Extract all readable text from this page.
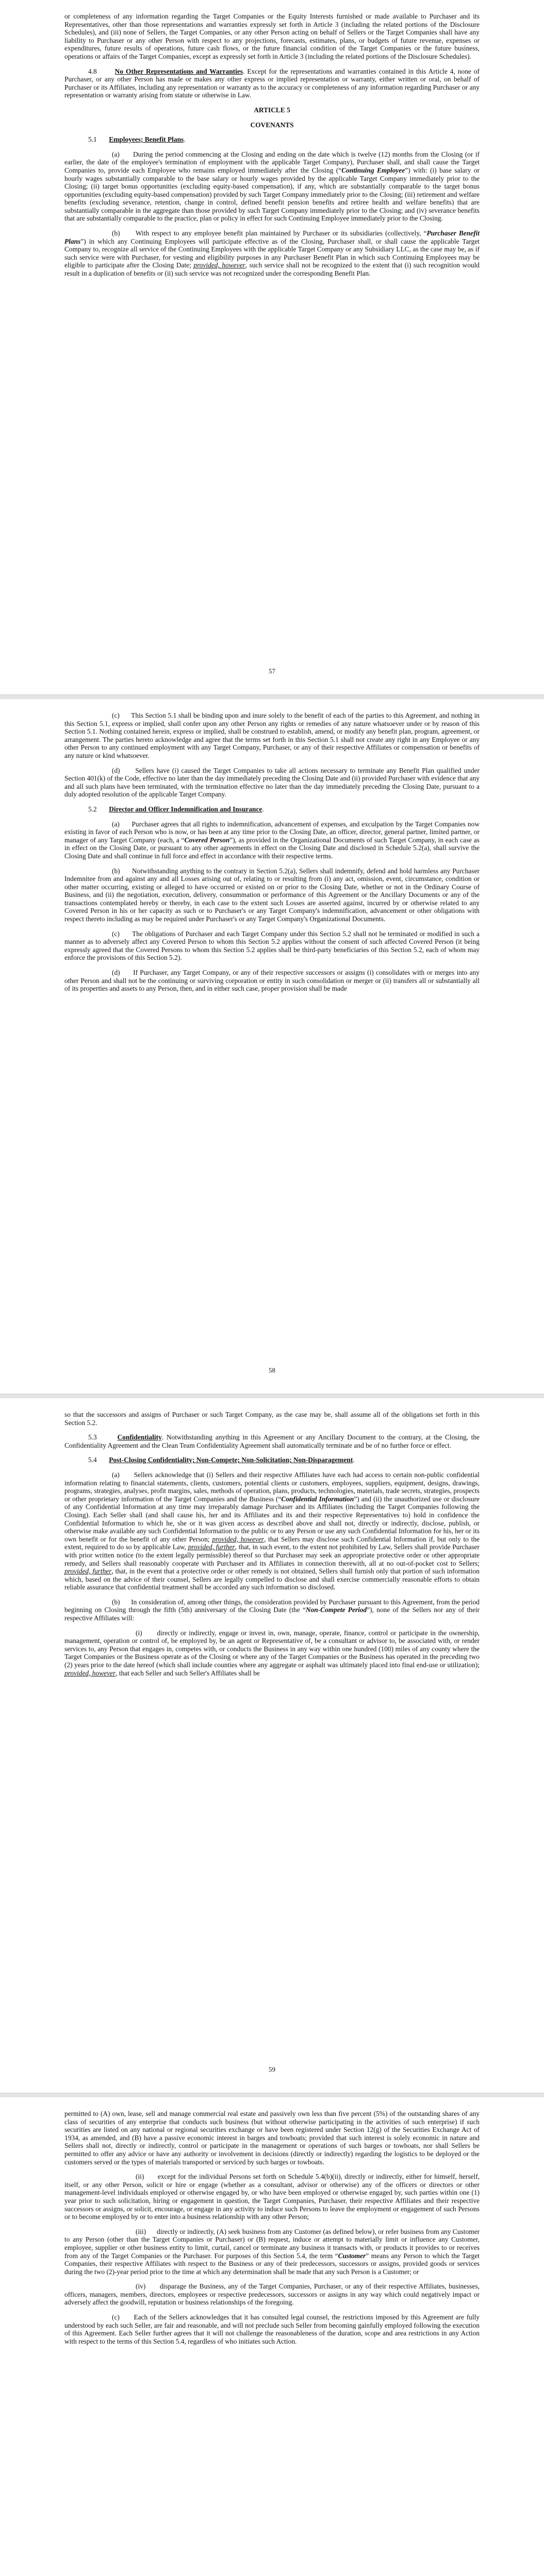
or completeness of any information regarding the Target Companies or the Equity Interests furnished or made available to Purchaser and its Representatives, other than those representations and warranties expressly set forth in Article 3 (including the related portions of the Disclosure Schedules), and (iii) none of Sellers, the Target Companies, or any other Person acting on behalf of Sellers or the Target Companies shall have any liability to Purchaser or any other Person with respect to any projections, forecasts, estimates, plans, or budgets of future revenue, expenses or expenditures, future results of operations, future cash flows, or the future financial condition of the Target Companies or the future business, operations or affairs of the Target Companies, except as expressly set forth in Article 3 (including the related portions of the Disclosure Schedules).

4.8	No Other Representations and Warranties. Except for the representations and warranties contained in this Article 4, none of Purchaser, or any other Person has made or makes any other express or implied representation or warranty, either written or oral, on behalf of Purchaser or its Affiliates, including any representation or warranty as to the accuracy or completeness of any information regarding Purchaser or any representation or warranty arising from statute or otherwise in Law.

ARTICLE 5

COVENANTS

5.1 Employees; Benefit Plans.

(a) During the period commencing at the Closing and ending on the date which is twelve (12) months from the Closing (or if earlier, the date of the employee's termination of employment with the applicable Target Company), Purchaser shall, and shall cause the Target Companies to, provide each Employee who remains employed immediately after the Closing (“Continuing Employee”) with: (i) base salary or hourly wages substantially comparable to the base salary or hourly wages provided by the applicable Target Company immediately prior to the Closing; (ii) target bonus opportunities (excluding equity-based compensation), if any, which are substantially comparable to the target bonus opportunities (excluding equity-based compensation) provided by such Target Company immediately prior to the Closing; (iii) retirement and welfare benefits (excluding severance, retention, change in control, defined benefit pension benefits and retiree health and welfare benefits) that are substantially comparable in the aggregate than those provided by such Target Company immediately prior to the Closing; and (iv) severance benefits that are substantially comparable to the practice, plan or policy in effect for such Continuing Employee immediately prior to the Closing.

(b) With respect to any employee benefit plan maintained by Purchaser or its subsidiaries (collectively, “Purchaser Benefit Plans”) in which any Continuing Employees will participate effective as of the Closing, Purchaser shall, or shall cause the applicable Target Company to, recognize all service of the Continuing Employees with the applicable Target Company or any Subsidiary LLC, as the case may be, as if such service were with Purchaser, for vesting and eligibility purposes in any Purchaser Benefit Plan in which such Continuing Employees may be eligible to participate after the Closing Date; provided, however, such service shall not be recognized to the extent that (i) such recognition would result in a duplication of benefits or (ii) such service was not recognized under the corresponding Benefit Plan.

57

(c) This Section 5.1 shall be binding upon and inure solely to the benefit of each of the parties to this Agreement, and nothing in this Section 5.1, express or implied, shall confer upon any other Person any rights or remedies of any nature whatsoever under or by reason of this Section 5.1. Nothing contained herein, express or implied, shall be construed to establish, amend, or modify any benefit plan, program, agreement, or arrangement. The parties hereto acknowledge and agree that the terms set forth in this Section 5.1 shall not create any right in any Employee or any other Person to any continued employment with any Target Company, Purchaser, or any of their respective Affiliates or compensation or benefits of any nature or kind whatsoever.

(d) Sellers have (i) caused the Target Companies to take all actions necessary to terminate any Benefit Plan qualified under Section 401(k) of the Code, effective no later than the day immediately preceding the Closing Date and (ii) provided Purchaser with evidence that any and all such plans have been terminated, with the termination effective no later than the day immediately preceding the Closing Date, pursuant to a duly adopted resolution of the applicable Target Company.

5.2 Director and Officer Indemnification and Insurance.

(a) Purchaser agrees that all rights to indemnification, advancement of expenses, and exculpation by the Target Companies now existing in favor of each Person who is now, or has been at any time prior to the Closing Date, an officer, director, general partner, limited partner, or manager of any Target Company (each, a “Covered Person”), as provided in the Organizational Documents of such Target Company, in each case as in effect on the Closing Date, or pursuant to any other agreements in effect on the Closing Date and disclosed in Schedule 5.2(a), shall survive the Closing Date and shall continue in full force and effect in accordance with their respective terms.

(b) Notwithstanding anything to the contrary in Section 5.2(a), Sellers shall indemnify, defend and hold harmless any Purchaser Indemnitee from and against any and all Losses arising out of, relating to or resulting from (i) any act, omission, event, circumstance, condition or other matter occurring, existing or alleged to have occurred or existed on or prior to the Closing Date, whether or not in the Ordinary Course of Business, and (ii) the negotiation, execution, delivery, consummation or performance of this Agreement or the Ancillary Documents or any of the transactions contemplated hereby or thereby, in each case to the extent such Losses are asserted against, incurred by or otherwise related to any Covered Person in his or her capacity as such or to Purchaser's or any Target Company's indemnification, advancement or other obligations with respect thereto including as may be required under Purchaser's or any Target Company's Organizational Documents.

(c) The obligations of Purchaser and each Target Company under this Section 5.2 shall not be terminated or modified in such a manner as to adversely affect any Covered Person to whom this Section 5.2 applies without the consent of such affected Covered Person (it being expressly agreed that the Covered Persons to whom this Section 5.2 applies shall be third-party beneficiaries of this Section 5.2, each of whom may enforce the provisions of this Section 5.2).

(d) If Purchaser, any Target Company, or any of their respective successors or assigns (i) consolidates with or merges into any other Person and shall not be the continuing or surviving corporation or entity in such consolidation or merger or (ii) transfers all or substantially all of its properties and assets to any Person, then, and in either such case, proper provision shall be made

58

so that the successors and assigns of Purchaser or such Target Company, as the case may be, shall assume all of the obligations set forth in this Section 5.2.

5.3	Confidentiality. Notwithstanding anything in this Agreement or any Ancillary Document to the contrary, at the Closing, the Confidentiality Agreement and the Clean Team Confidentiality Agreement shall automatically terminate and be of no further force or effect.

5.4 Post-Closing Confidentiality; Non-Compete; Non-Solicitation; Non-Disparagement.

(a) Sellers acknowledge that (i) Sellers and their respective Affiliates have each had access to certain non-public confidential information relating to financial statements, clients, customers, potential clients or customers, employees, suppliers, equipment, designs, drawings, programs, strategies, analyses, profit margins, sales, methods of operation, plans, products, technologies, materials, trade secrets, strategies, prospects or other proprietary information of the Target Companies and the Business (“Confidential Information”) and (ii) the unauthorized use or disclosure of any Confidential Information at any time may irreparably damage Purchaser and its Affiliates (including the Target Companies following the Closing). Each Seller shall (and shall cause his, her and its Affiliates and its and their respective Representatives to) hold in confidence the Confidential Information to which he, she or it was given access as described above and shall not, directly or indirectly, disclose, publish, or otherwise make available any such Confidential Information to the public or to any Person or use any such Confidential Information for his, her or its own benefit or for the benefit of any other Person; provided, however, that Sellers may disclose such Confidential Information if, but only to the extent, required to do so by applicable Law, provided, further, that, in such event, to the extent not prohibited by Law, Sellers shall provide Purchaser with prior written notice (to the extent legally permissible) thereof so that Purchaser may seek an appropriate protective order or other appropriate remedy, and Sellers shall reasonably cooperate with Purchaser and its Affiliates in connection therewith, all at no out-of-pocket cost to Sellers; provided, further, that, in the event that a protective order or other remedy is not obtained, Sellers shall furnish only that portion of such information which, based on the advice of their counsel, Sellers are legally compelled to disclose and shall exercise commercially reasonable efforts to obtain reliable assurance that confidential treatment shall be accorded any such information so disclosed.

(b) In consideration of, among other things, the consideration provided by Purchaser pursuant to this Agreement, from the period beginning on Closing through the fifth (5th) anniversary of the Closing Date (the “Non-Compete Period”), none of the Sellers nor any of their respective Affiliates will:

(i) directly or indirectly, engage or invest in, own, manage, operate, finance, control or participate in the ownership, management, operation or control of, be employed by, be an agent or Representative of, be a consultant or advisor to, be associated with, or render services to, any Person that engages in, competes with, or conducts the Business in any way within one hundred (100) miles of any county where the Target Companies or the Business operate as of the Closing or where any of the Target Companies or the Business has operated in the preceding two (2) years prior to the date hereof (which shall include counties where any aggregate or asphalt was ultimately placed into final end-use or utilization); provided, however, that each Seller and such Seller's Affiliates shall be

59

permitted to (A) own, lease, sell and manage commercial real estate and passively own less than five percent (5%) of the outstanding shares of any class of securities of any enterprise that conducts such business (but without otherwise participating in the activities of such enterprise) if such securities are listed on any national or regional securities exchange or have been registered under Section 12(g) of the Securities Exchange Act of 1934, as amended, and (B) have a passive economic interest in barges and towboats; provided that such interest is solely economic in nature and Sellers shall not, directly or indirectly, control or participate in the management or operations of such barges or towboats, nor shall Sellers be permitted to offer any advice or have any authority or involvement in decisions (directly or indirectly) regarding the logistics to be deployed or the customers served or the types of materials transported or serviced by such barges or towboats.

(ii) except for the individual Persons set forth on Schedule 5.4(b)(ii), directly or indirectly, either for himself, herself, itself, or any other Person, solicit or hire or engage (whether as a consultant, advisor or otherwise) any of the officers or directors or other management-level individuals employed or otherwise engaged by, or who have been employed or otherwise engaged by, such parties within one (1) year prior to such solicitation, hiring or engagement in question, the Target Companies, Purchaser, their respective Affiliates and their respective successors or assigns, or solicit, encourage, or engage in any activity to induce such Persons to leave the employment or engagement of such Persons or to become employed by or to enter into a business relationship with any other Person;

(iii) directly or indirectly, (A) seek business from any Customer (as defined below), or refer business from any Customer to any Person (other than the Target Companies or Purchaser) or (B) request, induce or attempt to materially limit or influence any Customer, employee, supplier or other business entity to limit, curtail, cancel or terminate any business it transacts with, or products it provides to or receives from any of the Target Companies or the Purchaser. For purposes of this Section 5.4, the term “Customer” means any Person to which the Target Companies, their respective Affiliates with respect to the Business or any of their predecessors, successors or assigns, provided goods or services during the two (2)-year period prior to the time at which any determination shall be made that any such Person is a Customer; or

(iv) disparage the Business, any of the Target Companies, Purchaser, or any of their respective Affiliates, businesses, officers, managers, members, directors, employees or respective predecessors, successors or assigns in any way which could negatively impact or adversely affect the goodwill, reputation or business relationships of the foregoing.

(c) Each of the Sellers acknowledges that it has consulted legal counsel, the restrictions imposed by this Agreement are fully understood by each such Seller, are fair and reasonable, and will not preclude such Seller from becoming gainfully employed following the execution of this Agreement. Each Seller further agrees that it will not challenge the reasonableness of the duration, scope and area restrictions in any Action with respect to the terms of this Section 5.4, regardless of who initiates such Action.
